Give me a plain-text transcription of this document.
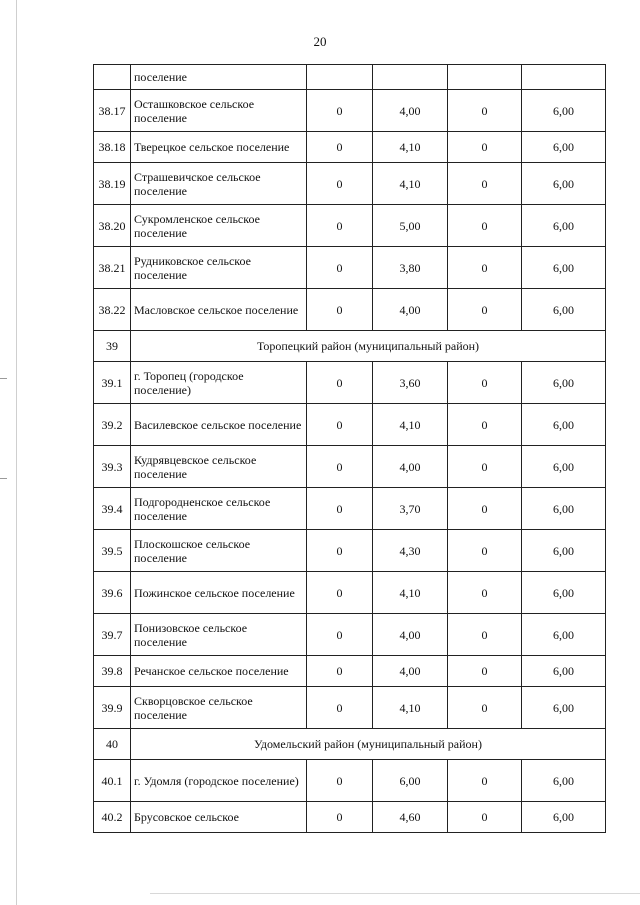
20
	поселение				
38.17	Осташковское сельское поселение	0	4,00	0	6,00
38.18	Тверецкое сельское поселение	0	4,10	0	6,00
38.19	Страшевичское сельское поселение	0	4,10	0	6,00
38.20	Сукромленское сельское поселение	0	5,00	0	6,00
38.21	Рудниковское сельское поселение	0	3,80	0	6,00
38.22	Масловское сельское поселение	0	4,00	0	6,00
39	Торопецкий район (муниципальный район)				
39.1	г. Торопец (городское поселение)	0	3,60	0	6,00
39.2	Василевское сельское поселение	0	4,10	0	6,00
39.3	Кудрявцевское сельское поселение	0	4,00	0	6,00
39.4	Подгородненское сельское поселение	0	3,70	0	6,00
39.5	Плоскошское сельское поселение	0	4,30	0	6,00
39.6	Пожинское сельское поселение	0	4,10	0	6,00
39.7	Понизовское сельское поселение	0	4,00	0	6,00
39.8	Речанское сельское поселение	0	4,00	0	6,00
39.9	Скворцовское сельское поселение	0	4,10	0	6,00
40	Удомельский район (муниципальный район)				
40.1	г. Удомля (городское поселение)	0	6,00	0	6,00
40.2	Брусовское сельское	0	4,60	0	6,00
